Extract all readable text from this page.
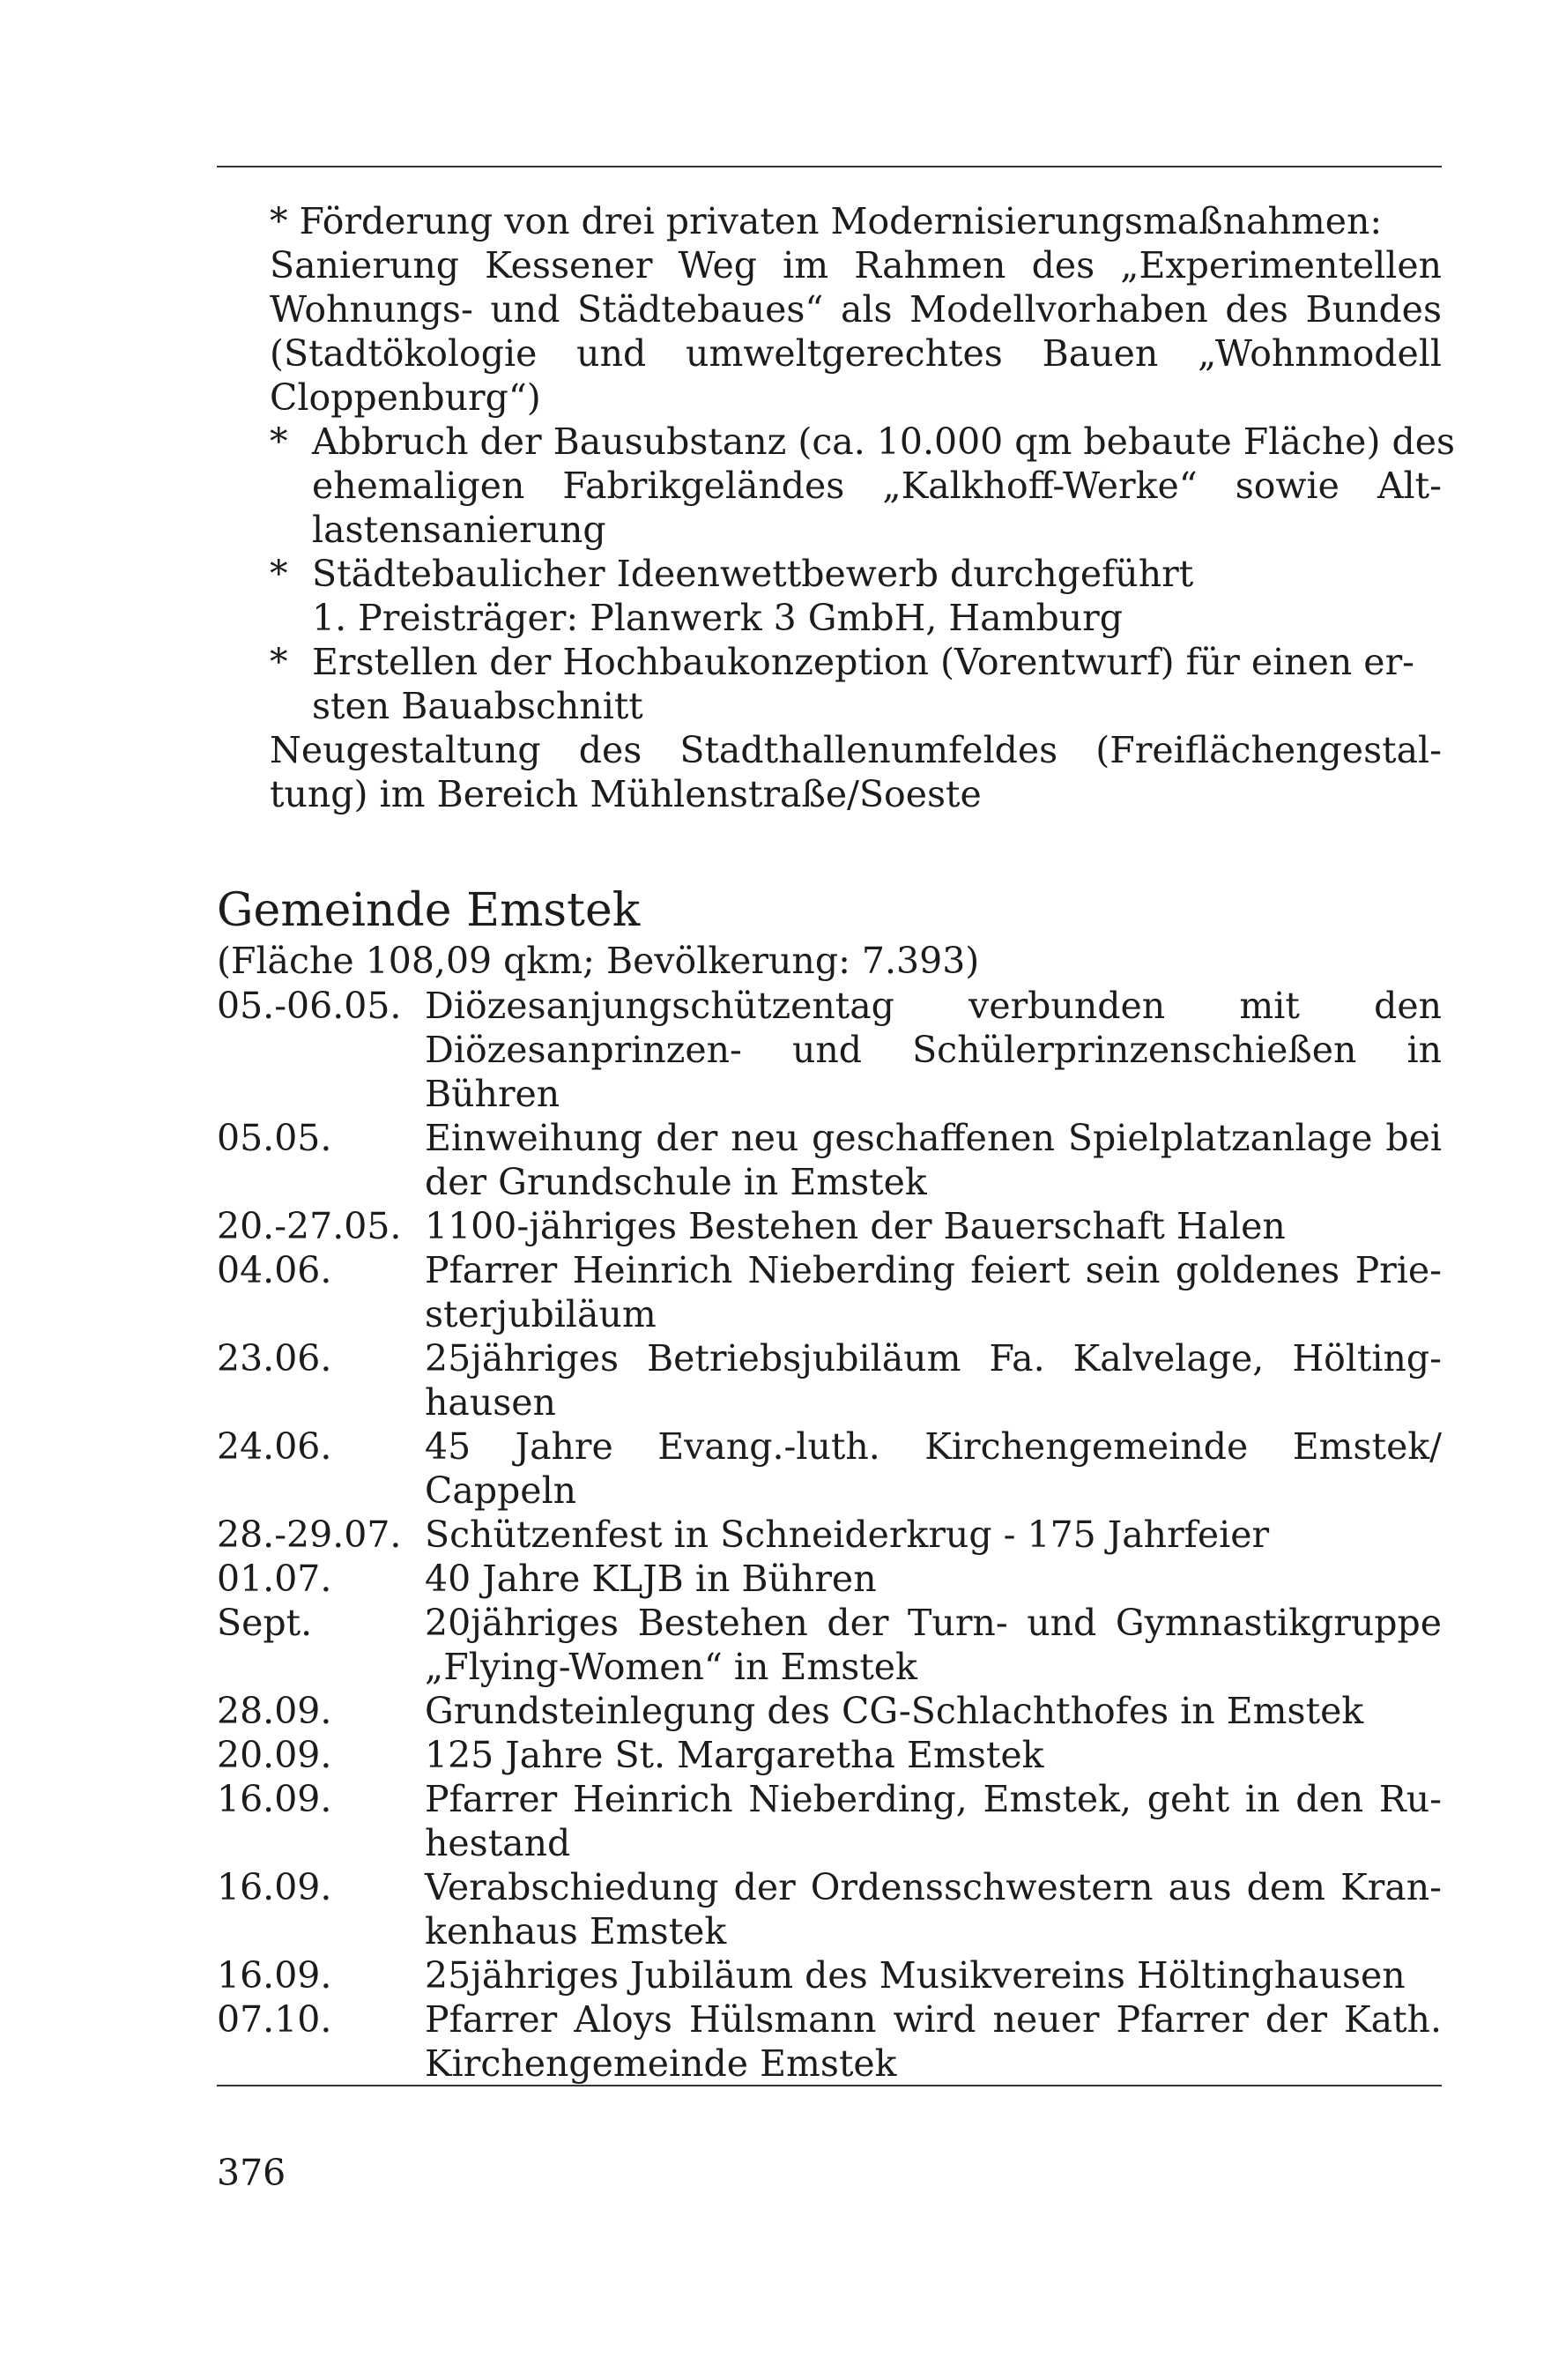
* Förderung von drei privaten Modernisierungsmaßnahmen:
Sanierung Kessener Weg im Rahmen des „Experimentellen
Wohnungs- und Städtebaues“ als Modellvorhaben des Bundes
(Stadtökologie und umweltgerechtes Bauen „Wohnmodell
Cloppenburg“)
* Abbruch der Bausubstanz (ca. 10.000 qm bebaute Fläche) des
ehemaligen Fabrikgeländes „Kalkhoff-Werke“ sowie Alt-
lastensanierung
* Städtebaulicher Ideenwettbewerb durchgeführt
1. Preisträger: Planwerk 3 GmbH, Hamburg
* Erstellen der Hochbaukonzeption (Vorentwurf) für einen er-
sten Bauabschnitt
Neugestaltung des Stadthallenumfeldes (Freiflächengestal-
tung) im Bereich Mühlenstraße/Soeste
Gemeinde Emstek
(Fläche 108,09 qkm; Bevölkerung: 7.393)
05.-06.05. Diözesanjungschützentag verbunden mit den
Diözesanprinzen- und Schülerprinzenschießen in
Bühren
05.05.	Einweihung der neu geschaffenen Spielplatzanlage bei
der Grundschule in Emstek
20.-27.05. 1100-jähriges Bestehen der Bauerschaft Halen
04.06.	Pfarrer Heinrich Nieberding feiert sein goldenes Prie-
sterjubiläum
23.06.	25jähriges Betriebsjubiläum Fa. Kalvelage, Hölting-
hausen
24.06.	45 Jahre Evang.-luth. Kirchengemeinde Emstek/
Cappeln
28.-29.07. Schützenfest in Schneiderkrug - 175 Jahrfeier
01.07.	40 Jahre KLJB in Bühren
Sept.	20jähriges Bestehen der Turn- und Gymnastikgruppe
„Flying-Women“ in Emstek
28.09.	Grundsteinlegung des CG-Schlachthofes in Emstek
20.09.	125 Jahre St. Margaretha Emstek
16.09.	Pfarrer Heinrich Nieberding, Emstek, geht in den Ru-
hestand
16.09.	Verabschiedung der Ordensschwestern aus dem Kran-
kenhaus Emstek
16.09.	25jähriges Jubiläum des Musikvereins Höltinghausen
07.10.	Pfarrer Aloys Hülsmann wird neuer Pfarrer der Kath.
Kirchengemeinde Emstek
376
